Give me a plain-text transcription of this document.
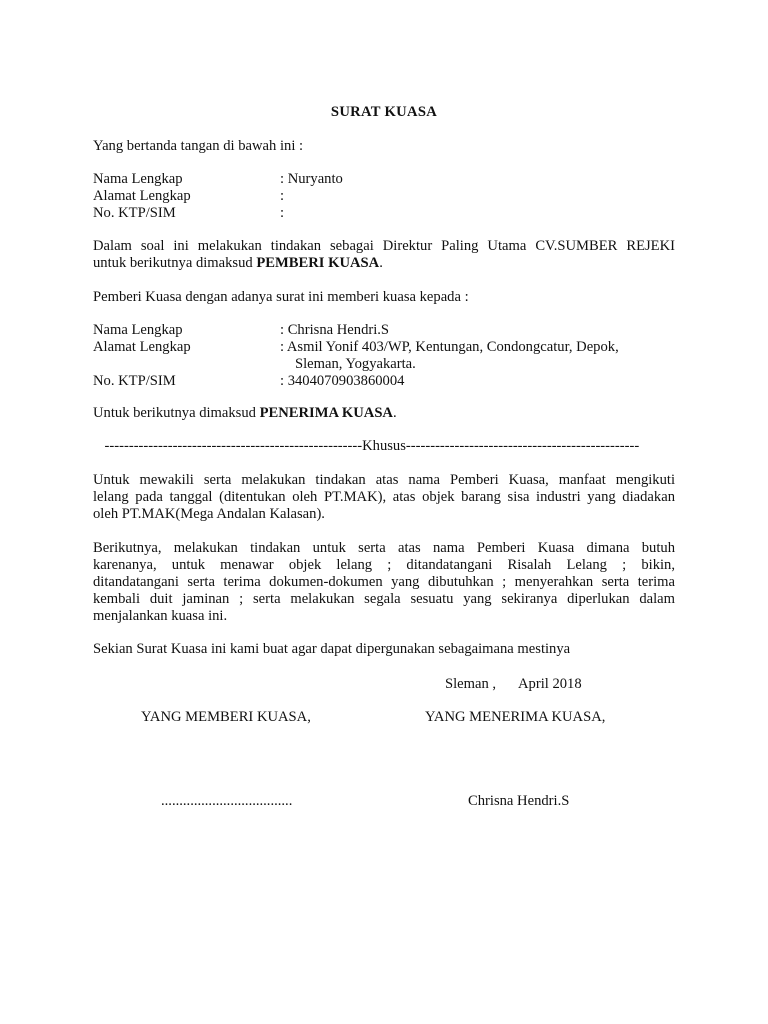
SURAT KUASA
Yang bertanda tangan di bawah ini :
Nama Lengkap	: Nuryanto
Alamat Lengkap	:
No. KTP/SIM	:
Dalam soal ini melakukan tindakan sebagai Direktur Paling Utama CV.SUMBER REJEKI
untuk berikutnya dimaksud PEMBERI KUASA.
Pemberi Kuasa dengan adanya surat ini memberi kuasa kepada :
Nama Lengkap	: Chrisna Hendri.S
Alamat Lengkap	: Asmil Yonif 403/WP, Kentungan, Condongcatur, Depok,
Sleman, Yogyakarta.
No. KTP/SIM	: 3404070903860004
Untuk berikutnya dimaksud PENERIMA KUASA.
----------------------------------------------------- Khusus ------------------------------------------------
Untuk mewakili serta melakukan tindakan atas nama Pemberi Kuasa, manfaat mengikuti
lelang pada tanggal (ditentukan oleh PT.MAK), atas objek barang sisa industri yang diadakan
oleh PT.MAK(Mega Andalan Kalasan).
Berikutnya, melakukan tindakan untuk serta atas nama Pemberi Kuasa dimana butuh
karenanya, untuk menawar objek lelang ; ditandatangani Risalah Lelang ; bikin,
ditandatangani serta terima dokumen-dokumen yang dibutuhkan ; menyerahkan serta terima
kembali duit jaminan ; serta melakukan segala sesuatu yang sekiranya diperlukan dalam
menjalankan kuasa ini.
Sekian Surat Kuasa ini kami buat agar dapat dipergunakan sebagaimana mestinya
Sleman , April 2018
YANG MEMBERI KUASA,	YANG MENERIMA KUASA,
....................................	Chrisna Hendri.S
